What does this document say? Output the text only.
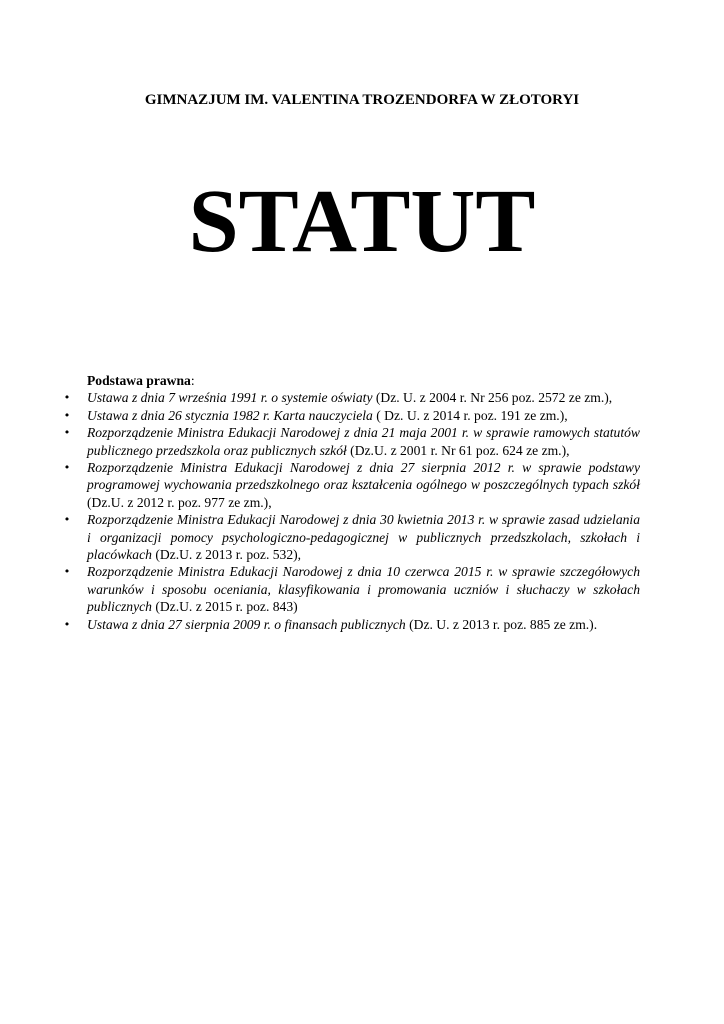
GIMNAZJUM IM. VALENTINA TROZENDORFA W ZŁOTORYI
STATUT
Podstawa prawna:
• Ustawa z dnia 7 września 1991 r. o systemie oświaty (Dz. U. z 2004 r. Nr 256 poz. 2572 ze zm.),
• Ustawa z dnia 26 stycznia 1982 r. Karta nauczyciela ( Dz. U. z 2014 r. poz. 191 ze zm.),
• Rozporządzenie Ministra Edukacji Narodowej z dnia 21 maja 2001 r. w sprawie ramowych statutów publicznego przedszkola oraz publicznych szkół (Dz.U. z 2001 r. Nr 61 poz. 624 ze zm.),
• Rozporządzenie Ministra Edukacji Narodowej z dnia 27 sierpnia 2012 r. w sprawie podstawy programowej wychowania przedszkolnego oraz kształcenia ogólnego w poszczególnych typach szkół (Dz.U. z 2012 r. poz. 977 ze zm.),
• Rozporządzenie Ministra Edukacji Narodowej z dnia 30 kwietnia 2013 r. w sprawie zasad udzielania i organizacji pomocy psychologiczno-pedagogicznej w publicznych przedszkolach, szkołach i placówkach (Dz.U. z 2013 r. poz. 532),
• Rozporządzenie Ministra Edukacji Narodowej z dnia 10 czerwca 2015 r. w sprawie szczegółowych warunków i sposobu oceniania, klasyfikowania i promowania uczniów i słuchaczy w szkołach publicznych (Dz.U. z 2015 r. poz. 843)
• Ustawa z dnia 27 sierpnia 2009 r. o finansach publicznych (Dz. U. z 2013 r. poz. 885 ze zm.).
